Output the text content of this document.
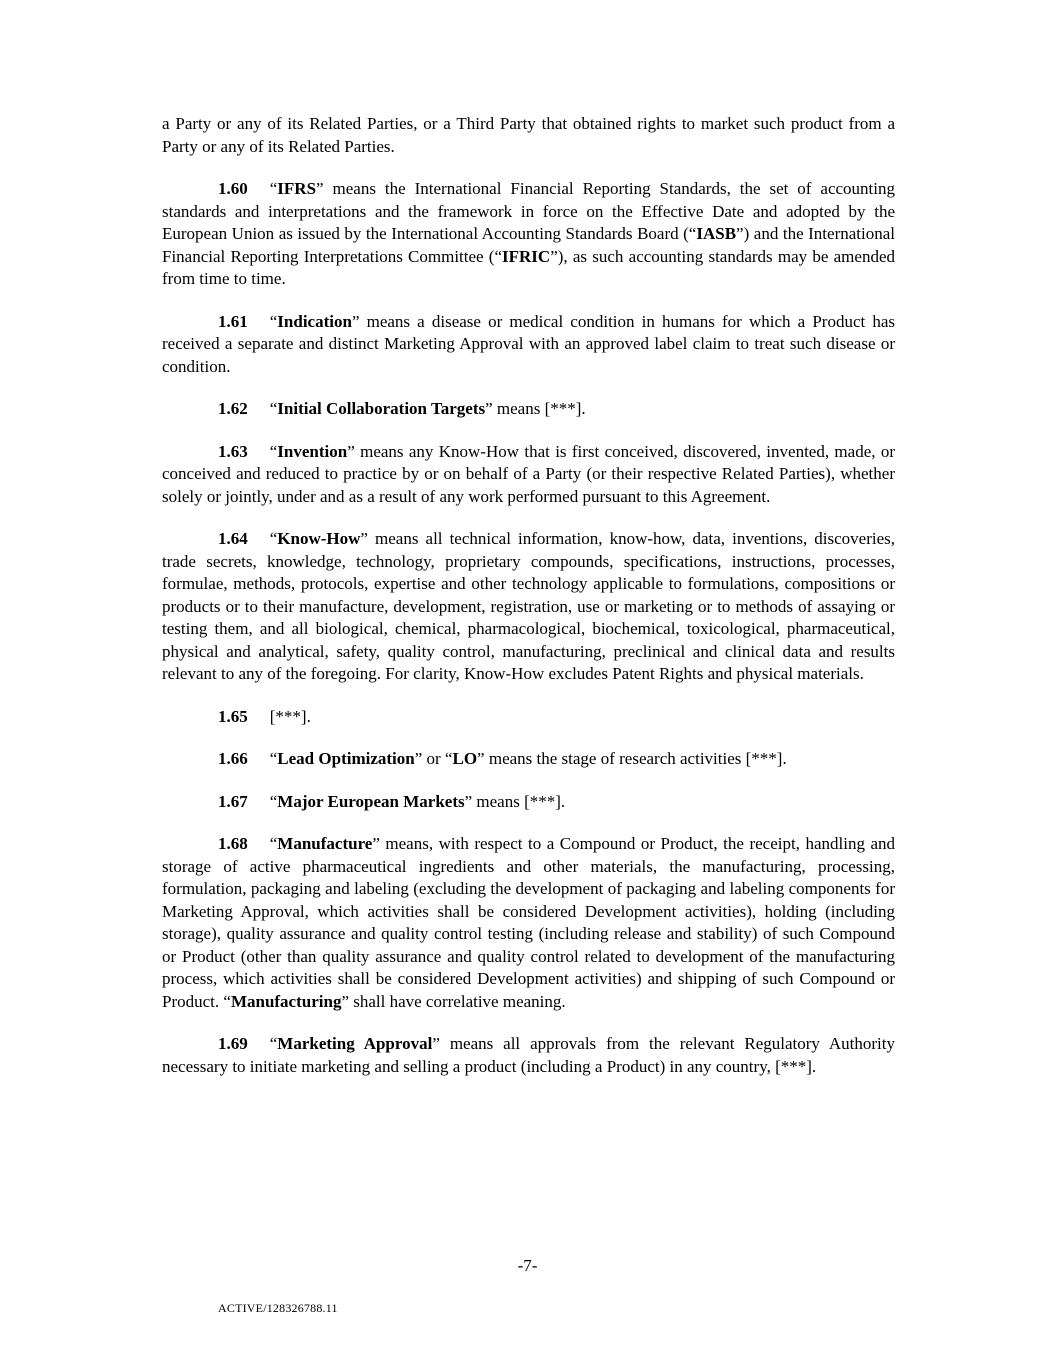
a Party or any of its Related Parties, or a Third Party that obtained rights to market such product from a Party or any of its Related Parties.

1.60 “IFRS” means the International Financial Reporting Standards, the set of accounting standards and interpretations and the framework in force on the Effective Date and adopted by the European Union as issued by the International Accounting Standards Board (“IASB”) and the International Financial Reporting Interpretations Committee (“IFRIC”), as such accounting standards may be amended from time to time.

1.61 “Indication” means a disease or medical condition in humans for which a Product has received a separate and distinct Marketing Approval with an approved label claim to treat such disease or condition.

1.62 “Initial Collaboration Targets” means [***].

1.63 “Invention” means any Know-How that is first conceived, discovered, invented, made, or conceived and reduced to practice by or on behalf of a Party (or their respective Related Parties), whether solely or jointly, under and as a result of any work performed pursuant to this Agreement.

1.64 “Know-How” means all technical information, know-how, data, inventions, discoveries, trade secrets, knowledge, technology, proprietary compounds, specifications, instructions, processes, formulae, methods, protocols, expertise and other technology applicable to formulations, compositions or products or to their manufacture, development, registration, use or marketing or to methods of assaying or testing them, and all biological, chemical, pharmacological, biochemical, toxicological, pharmaceutical, physical and analytical, safety, quality control, manufacturing, preclinical and clinical data and results relevant to any of the foregoing. For clarity, Know-How excludes Patent Rights and physical materials.

1.65 [***].

1.66 “Lead Optimization” or “LO” means the stage of research activities [***].

1.67 “Major European Markets” means [***].

1.68 “Manufacture” means, with respect to a Compound or Product, the receipt, handling and storage of active pharmaceutical ingredients and other materials, the manufacturing, processing, formulation, packaging and labeling (excluding the development of packaging and labeling components for Marketing Approval, which activities shall be considered Development activities), holding (including storage), quality assurance and quality control testing (including release and stability) of such Compound or Product (other than quality assurance and quality control related to development of the manufacturing process, which activities shall be considered Development activities) and shipping of such Compound or Product. “Manufacturing” shall have correlative meaning.

1.69 “Marketing Approval” means all approvals from the relevant Regulatory Authority necessary to initiate marketing and selling a product (including a Product) in any country, [***].

-7-
ACTIVE/128326788.11
